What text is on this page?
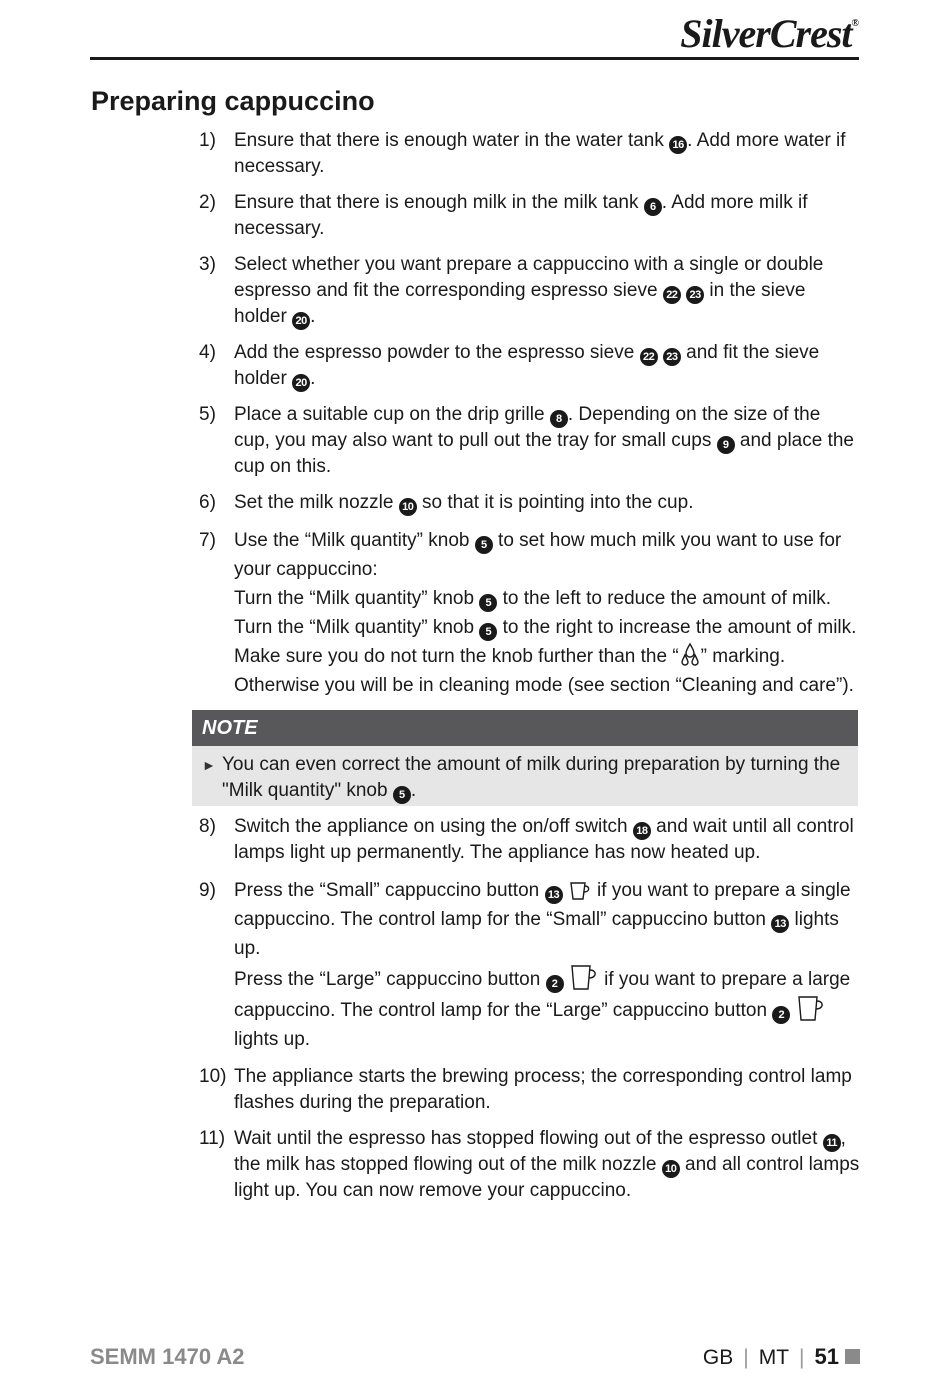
SilverCrest®
Preparing cappuccino
1) Ensure that there is enough water in the water tank 16 . Add more water if necessary.
2) Ensure that there is enough milk in the milk tank 6 . Add more milk if necessary.
3) Select whether you want prepare a cappuccino with a single or double espresso and fit the corresponding espresso sieve 22 23 in the sieve holder 20 .
4) Add the espresso powder to the espresso sieve 22 23 and fit the sieve holder 20 .
5) Place a suitable cup on the drip grille 8 . Depending on the size of the cup, you may also want to pull out the tray for small cups 9 and place the cup on this.
6) Set the milk nozzle 10 so that it is pointing into the cup.
7) Use the “Milk quantity” knob 5 to set how much milk you want to use for your cappuccino:
Turn the “Milk quantity” knob 5 to the left to reduce the amount of milk. Turn the “Milk quantity” knob 5 to the right to increase the amount of milk. Make sure you do not turn the knob further than the “ ” marking. Otherwise you will be in cleaning mode (see section “Cleaning and care”).
NOTE
► You can even correct the amount of milk during preparation by turning the "Milk quantity" knob 5 .
8) Switch the appliance on using the on/off switch 18 and wait until all control lamps light up permanently. The appliance has now heated up.
9) Press the “Small” cappuccino button 13  if you want to prepare a single cappuccino. The control lamp for the “Small” cappuccino button 13 lights up.
Press the “Large” cappuccino button 2  if you want to prepare a large cappuccino. The control lamp for the “Large” cappuccino button 2  lights up.
10) The appliance starts the brewing process; the corresponding control lamp flashes during the preparation.
11) Wait until the espresso has stopped flowing out of the espresso outlet 11 , the milk has stopped flowing out of the milk nozzle 10 and all control lamps light up. You can now remove your cappuccino.
SEMM 1470 A2	GB | MT | 51
